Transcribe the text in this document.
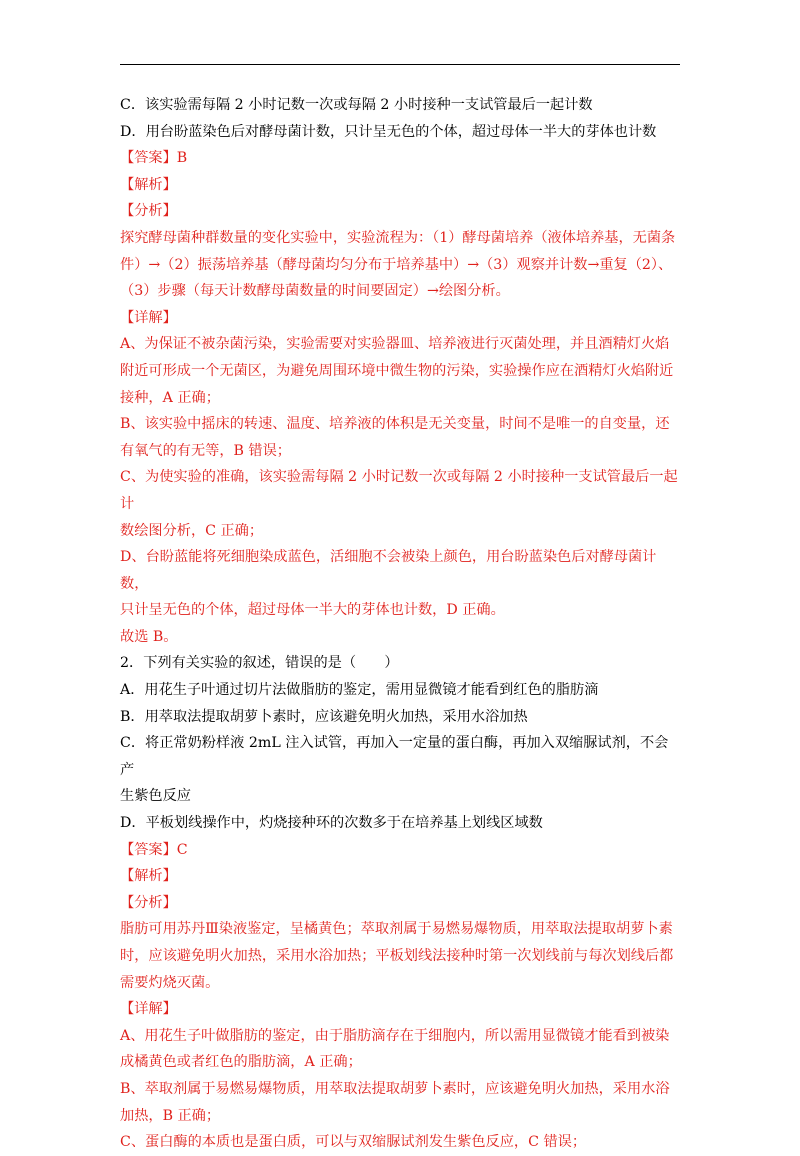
C．该实验需每隔 2 小时记数一次或每隔 2 小时接种一支试管最后一起计数

D．用台盼蓝染色后对酵母菌计数，只计呈无色的个体，超过母体一半大的芽体也计数

【答案】B

【解析】

【分析】

探究酵母菌种群数量的变化实验中，实验流程为：（1）酵母菌培养（液体培养基，无菌条

件）→（2）振荡培养基（酵母菌均匀分布于培养基中）→（3）观察并计数→重复（2）、

（3）步骤（每天计数酵母菌数量的时间要固定）→绘图分析。

【详解】

A、为保证不被杂菌污染，实验需要对实验器皿、培养液进行灭菌处理，并且酒精灯火焰

附近可形成一个无菌区，为避免周围环境中微生物的污染，实验操作应在酒精灯火焰附近

接种，A 正确；

B、该实验中摇床的转速、温度、培养液的体积是无关变量，时间不是唯一的自变量，还

有氧气的有无等，B 错误；

C、为使实验的准确，该实验需每隔 2 小时记数一次或每隔 2 小时接种一支试管最后一起计

数绘图分析，C 正确；

D、台盼蓝能将死细胞染成蓝色，活细胞不会被染上颜色，用台盼蓝染色后对酵母菌计数，

只计呈无色的个体，超过母体一半大的芽体也计数，D 正确。

故选 B。

2．下列有关实验的叙述，错误的是（　　）

A．用花生子叶通过切片法做脂肪的鉴定，需用显微镜才能看到红色的脂肪滴

B．用萃取法提取胡萝卜素时，应该避免明火加热，采用水浴加热

C．将正常奶粉样液 2mL 注入试管，再加入一定量的蛋白酶，再加入双缩脲试剂，不会产

生紫色反应

D．平板划线操作中，灼烧接种环的次数多于在培养基上划线区域数

【答案】C

【解析】

【分析】

脂肪可用苏丹Ⅲ染液鉴定，呈橘黄色；萃取剂属于易燃易爆物质，用萃取法提取胡萝卜素

时，应该避免明火加热，采用水浴加热；平板划线法接种时第一次划线前与每次划线后都

需要灼烧灭菌。

【详解】

A、用花生子叶做脂肪的鉴定，由于脂肪滴存在于细胞内，所以需用显微镜才能看到被染

成橘黄色或者红色的脂肪滴，A 正确；

B、萃取剂属于易燃易爆物质，用萃取法提取胡萝卜素时，应该避免明火加热，采用水浴

加热，B 正确；

C、蛋白酶的本质也是蛋白质，可以与双缩脲试剂发生紫色反应，C 错误；
